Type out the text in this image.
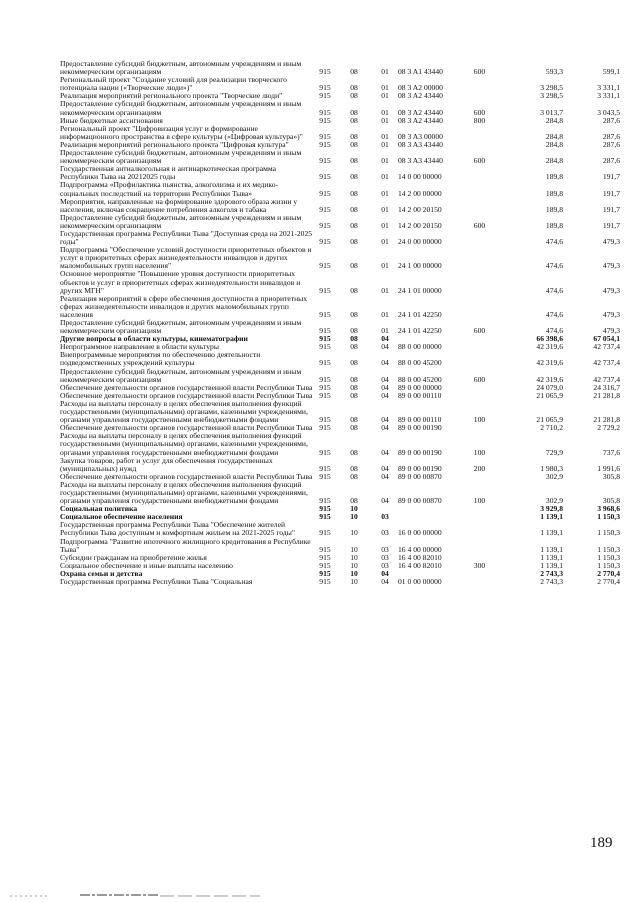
Предоставление субсидий бюджетным, автономным учреждениям и иным некоммерческим организациям	915	08	01	08 3 A1 43440	600	593,3	599,1
Региональный проект "Создание условий для реализации творческого потенциала нации («Творческие люди»)"	915	08	01	08 3 A2 00000		3 298,5	3 331,1
Реализация мероприятий регионального проекта "Творческие люди"	915	08	01	08 3 A2 43440		3 298,5	3 331,1
Предоставление субсидий бюджетным, автономным учреждениям и иным некоммерческим организациям	915	08	01	08 3 A2 43440	600	3 013,7	3 043,5
Иные бюджетные ассигнования	915	08	01	08 3 A2 43440	800	284,8	287,6
Региональный проект "Цифровизация услуг и формирование информационного пространства в сфере культуры («Цифровая культура»)"	915	08	01	08 3 A3 00000		284,8	287,6
Реализация мероприятий регионального проекта "Цифровая культура"	915	08	01	08 3 A3 43440		284,8	287,6
Предоставление субсидий бюджетным, автономным учреждениям и иным некоммерческим организациям	915	08	01	08 3 A3 43440	600	284,8	287,6
Государственная антиалкогольная и антинаркотическая программа Республики Тыва на 20212025 годы	915	08	01	14 0 00 00000		189,8	191,7
Подпрограмма «Профилактика пьянства, алкоголизма и их медико-социальных последствий на территории Республики Тыва»	915	08	01	14 2 00 00000		189,8	191,7
Мероприятия, направленные на формирование здорового образа жизни у населения, включая сокращение потребления алкоголя и табака	915	08	01	14 2 00 20150		189,8	191,7
Предоставление субсидий бюджетным, автономным учреждениям и иным некоммерческим организациям	915	08	01	14 2 00 20150	600	189,8	191,7
Государственная программа Республики Тыва "Доступная среда на 2021-2025 годы"	915	08	01	24 0 00 00000		474,6	479,3
Подпрограмма "Обеспечение условий доступности приоритетных объектов и услуг в приоритетных сферах жизнедеятельности инвалидов и других маломобильных групп населения"	915	08	01	24 1 00 00000		474,6	479,3
Основное мероприятие "Повышение уровня доступности приоритетных объектов и услуг в приоритетных сферах жизнедеятельности инвалидов и других МГН"	915	08	01	24 1 01 00000		474,6	479,3
Реализация мероприятий в сфере обеспечения доступности в приоритетных сферах жизнедеятельности инвалидов и других маломобильных групп населения	915	08	01	24 1 01 42250		474,6	479,3
Предоставление субсидий бюджетным, автономным учреждениям и иным некоммерческим организациям	915	08	01	24 1 01 42250	600	474,6	479,3
Другие вопросы в области культуры, кинематографии	915	08	04			66 398,6	67 054,1
Непрограммное направление в области культуры	915	08	04	88 0 00 00000		42 319,6	42 737,4
Внепрограммные мероприятия по обеспечению деятельности подведомственных учреждений культуры	915	08	04	88 0 00 45200		42 319,6	42 737,4
Предоставление субсидий бюджетным, автономным учреждениям и иным некоммерческим организациям	915	08	04	88 0 00 45200	600	42 319,6	42 737,4
Обеспечение деятельности органов государственной власти Республики Тыва	915	08	04	89 0 00 00000		24 079,0	24 316,7
Обеспечение деятельности органов государственной власти Республики Тыва	915	08	04	89 0 00 00110		21 065,9	21 281,8
Расходы на выплаты персоналу в целях обеспечения выполнения функций государственными (муниципальными) органами, казенными учреждениями, органами управления государственными внебюджетными фондами	915	08	04	89 0 00 00110	100	21 065,9	21 281,8
Обеспечение деятельности органов государственной власти Республики Тыва	915	08	04	89 0 00 00190		2 710,2	2 729,2
Расходы на выплаты персоналу в целях обеспечения выполнения функций государственными (муниципальными) органами, казенными учреждениями, органами управления государственными внебюджетными фондами	915	08	04	89 0 00 00190	100	729,9	737,6
Закупка товаров, работ и услуг для обеспечения государственных (муниципальных) нужд	915	08	04	89 0 00 00190	200	1 980,3	1 991,6
Обеспечение деятельности органов государственной власти Республики Тыва	915	08	04	89 0 00 00870		302,9	305,8
Расходы на выплаты персоналу в целях обеспечения выполнения функций государственными (муниципальными) органами, казенными учреждениями, органами управления государственными внебюджетными фондами	915	08	04	89 0 00 00870	100	302,9	305,8
Социальная политика	915	10				3 929,8	3 968,6
Социальное обеспечение населения	915	10	03			1 139,1	1 150,3
Государственная программа Республики Тыва "Обеспечение жителей Республики Тыва доступным и комфортным жильем на 2021-2025 годы"	915	10	03	16 0 00 00000		1 139,1	1 150,3
Подпрограмма "Развитие ипотечного жилищного кредитования в Республике Тыва"	915	10	03	16 4 00 00000		1 139,1	1 150,3
Субсидии гражданам на приобретение жилья	915	10	03	16 4 00 82010		1 139,1	1 150,3
Социальное обеспечение и иные выплаты населению	915	10	03	16 4 00 82010	300	1 139,1	1 150,3
Охрана семьи и детства	915	10	04			2 743,3	2 770,4
Государственная программа Республики Тыва "Социальная	915	10	04	01 0 00 00000		2 743,3	2 770,4
189
